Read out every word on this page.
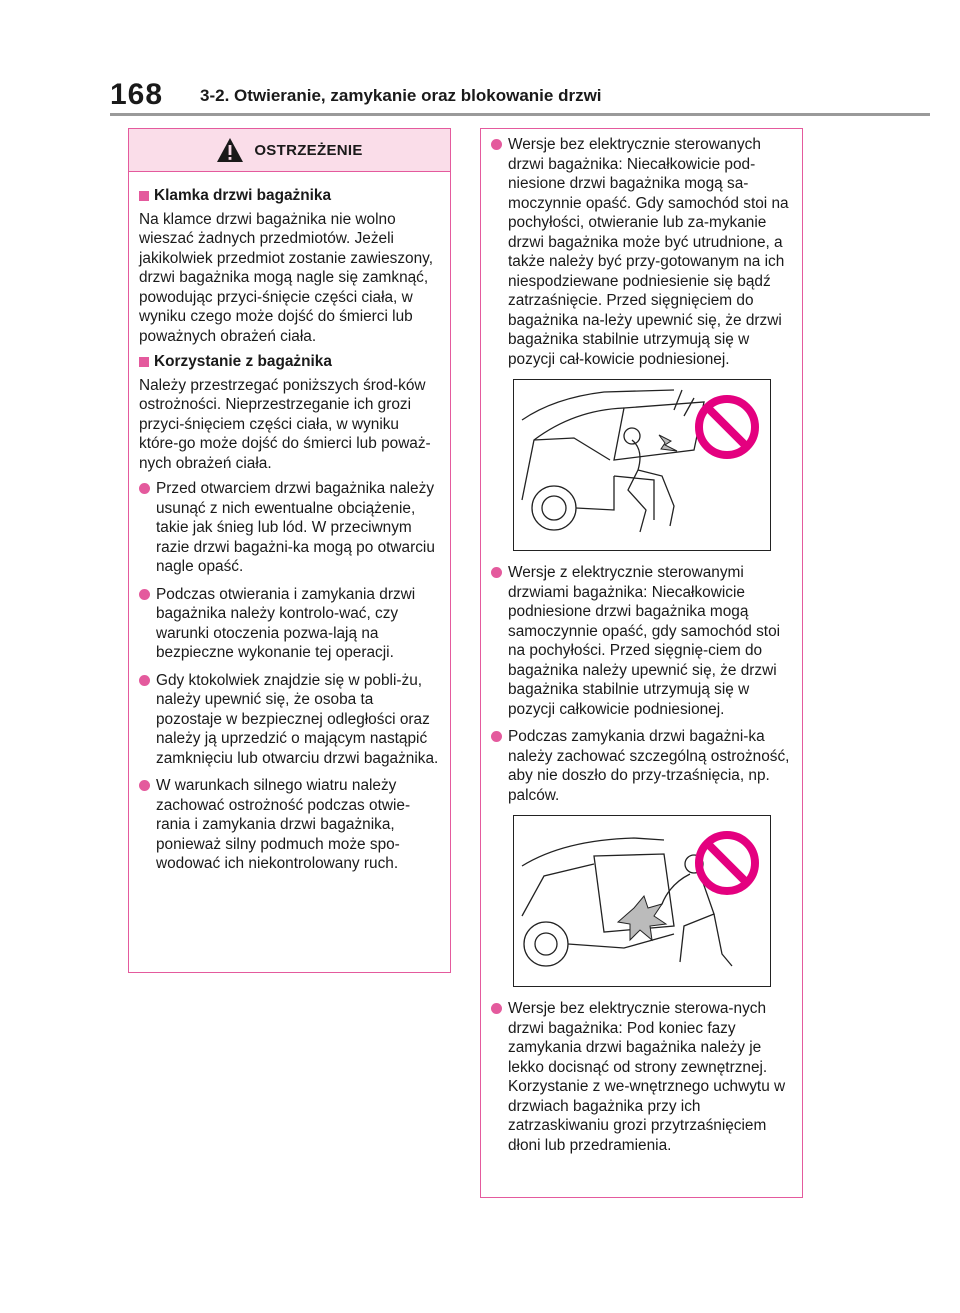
168 3-2. Otwieranie, zamykanie oraz blokowanie drzwi
OSTRZEŻENIE
Klamka drzwi bagażnika

Na klamce drzwi bagażnika nie wolno wieszać żadnych przedmiotów. Jeżeli jakikolwiek przedmiot zostanie zawieszony, drzwi bagażnika mogą nagle się zamknąć, powodując przyci-śnięcie części ciała, w wyniku czego może dojść do śmierci lub poważnych obrażeń ciała.

Korzystanie z bagażnika

Należy przestrzegać poniższych środ-ków ostrożności. Nieprzestrzeganie ich grozi przyci-śnięciem części ciała, w wyniku które-go może dojść do śmierci lub poważ-nych obrażeń ciała.

Przed otwarciem drzwi bagażnika należy usunąć z nich ewentualne obciążenie, takie jak śnieg lub lód. W przeciwnym razie drzwi bagażni-ka mogą po otwarciu nagle opaść.
Podczas otwierania i zamykania drzwi bagażnika należy kontrolo-wać, czy warunki otoczenia pozwa-lają na bezpieczne wykonanie tej operacji.
Gdy ktokolwiek znajdzie się w pobli-żu, należy upewnić się, że osoba ta pozostaje w bezpiecznej odległości oraz należy ją uprzedzić o mającym nastąpić zamknięciu lub otwarciu drzwi bagażnika.
W warunkach silnego wiatru należy zachować ostrożność podczas otwie-rania i zamykania drzwi bagażnika, ponieważ silny podmuch może spo-wodować ich niekontrolowany ruch.
Wersje bez elektrycznie sterowanych drzwi bagażnika: Niecałkowicie pod-niesione drzwi bagażnika mogą sa-moczynnie opaść. Gdy samochód stoi na pochyłości, otwieranie lub za-mykanie drzwi bagażnika może być utrudnione, a także należy być przy-gotowanym na ich niespodziewane podniesienie się bądź zatrzaśnięcie. Przed sięgnięciem do bagażnika na-leży upewnić się, że drzwi bagażnika stabilnie utrzymują się w pozycji cał-kowicie podniesionej.
Wersje z elektrycznie sterowanymi drzwiami bagażnika: Niecałkowicie podniesione drzwi bagażnika mogą samoczynnie opaść, gdy samochód stoi na pochyłości. Przed sięgnię-ciem do bagażnika należy upewnić się, że drzwi bagażnika stabilnie utrzymują się w pozycji całkowicie podniesionej.
Podczas zamykania drzwi bagażni-ka należy zachować szczególną ostrożność, aby nie doszło do przy-trzaśnięcia, np. palców.
Wersje bez elektrycznie sterowa-nych drzwi bagażnika: Pod koniec fazy zamykania drzwi bagażnika należy je lekko docisnąć od strony zewnętrznej. Korzystanie z we-wnętrznego uchwytu w drzwiach bagażnika przy ich zatrzaskiwaniu grozi przytrzaśnięciem dłoni lub przedramienia.
